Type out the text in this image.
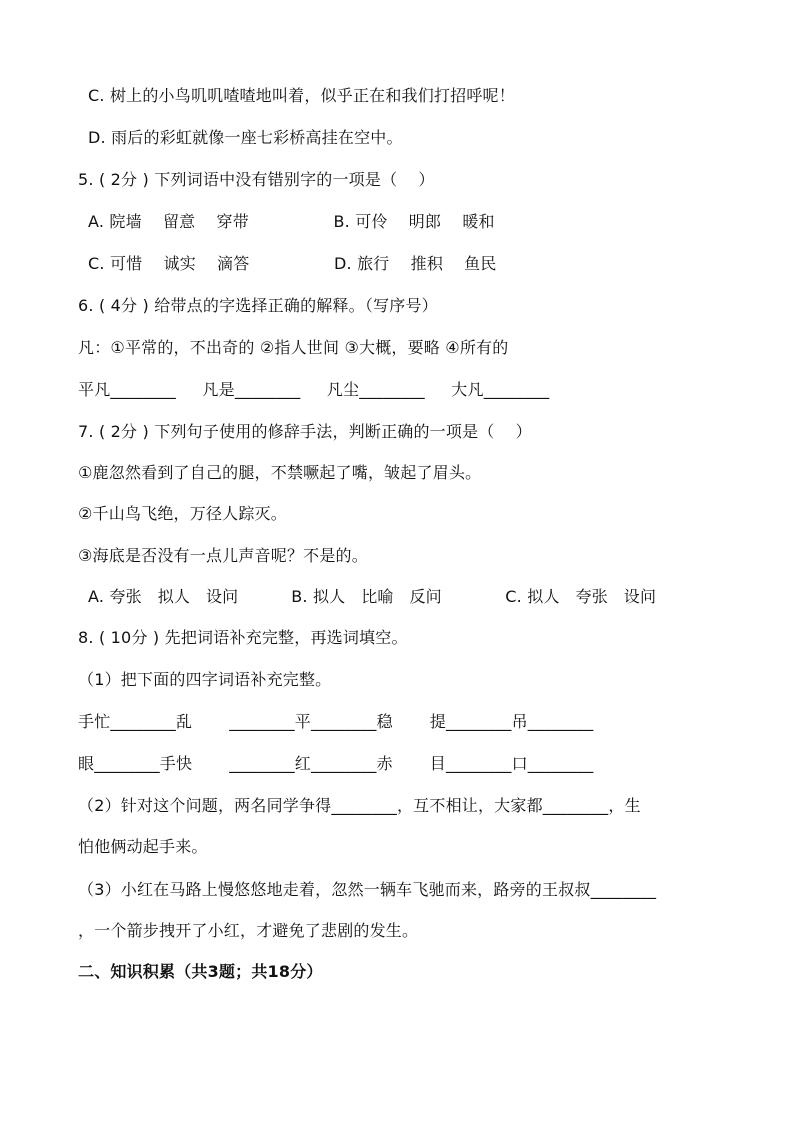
C. 树上的小鸟叽叽喳喳地叫着，似乎正在和我们打招呼呢！
D. 雨后的彩虹就像一座七彩桥高挂在空中。
5. ( 2分 ) 下列词语中没有错别字的一项是（    ）
A. 院墙    留意    穿带                B. 可伶    明郎    暖和
C. 可惜    诚实    滴答                D. 旅行    推积    鱼民
6. ( 4分 ) 给带点的字选择正确的解释。（写序号）
凡：①平常的，不出奇的 ②指人世间 ③大概，要略 ④所有的
平凡________     凡是________     凡尘________     大凡________
7. ( 2分 ) 下列句子使用的修辞手法，判断正确的一项是（    ）
①鹿忽然看到了自己的腿，不禁噘起了嘴，皱起了眉头。
②千山鸟飞绝，万径人踪灭。
③海底是否没有一点儿声音呢？不是的。
A. 夸张   拟人   设问          B. 拟人   比喻   反问            C. 拟人   夸张   设问
8. ( 10分 ) 先把词语补充完整，再选词填空。
（1）把下面的四字词语补充完整。
手忙________乱       ________平________稳       提________吊________
眼________手快       ________红________赤       目________口________
（2）针对这个问题，两名同学争得________，互不相让，大家都________，生
怕他俩动起手来。
（3）小红在马路上慢悠悠地走着，忽然一辆车飞驰而来，路旁的王叔叔________
，一个箭步拽开了小红，才避免了悲剧的发生。
二、知识积累（共3题；共18分）
